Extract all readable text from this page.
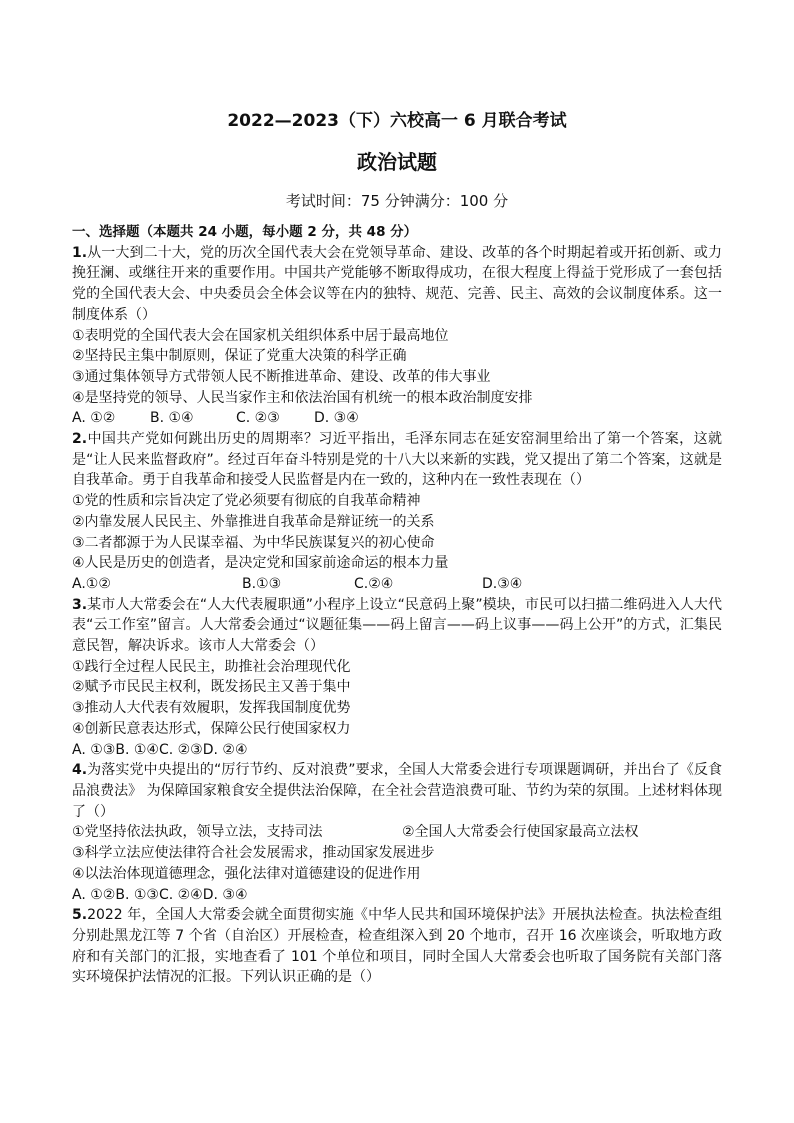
2022—2023（下）六校高一 6 月联合考试
政治试题
考试时间：75 分钟满分：100 分

一、选择题（本题共 24 小题，每小题 2 分，共 48 分）

1.从一大到二十大，党的历次全国代表大会在党领导革命、建设、改革的各个时期起着或开拓创新、或力挽狂澜、或继往开来的重要作用。中国共产党能够不断取得成功，在很大程度上得益于党形成了一套包括党的全国代表大会、中央委员会全体会议等在内的独特、规范、完善、民主、高效的会议制度体系。这一制度体系（）

①表明党的全国代表大会在国家机关组织体系中居于最高地位

②坚持民主集中制原则，保证了党重大决策的科学正确

③通过集体领导方式带领人民不断推进革命、建设、改革的伟大事业

④是坚持党的领导、人民当家作主和依法治国有机统一的根本政治制度安排

A. ①② B. ①④	C. ②③ D. ③④

2.中国共产党如何跳出历史的周期率？习近平指出，毛泽东同志在延安窑洞里给出了第一个答案，这就是“让人民来监督政府”。经过百年奋斗特别是党的十八大以来新的实践，党又提出了第二个答案，这就是自我革命。勇于自我革命和接受人民监督是内在一致的，这种内在一致性表现在（）

①党的性质和宗旨决定了党必须要有彻底的自我革命精神

②内靠发展人民民主、外靠推进自我革命是辩证统一的关系

③二者都源于为人民谋幸福、为中华民族谋复兴的初心使命

④人民是历史的创造者，是决定党和国家前途命运的根本力量

A.①②	B.①③	C.②④	D.③④

3.某市人大常委会在“人大代表履职通”小程序上设立“民意码上聚”模块，市民可以扫描二维码进入人大代表“云工作室”留言。人大常委会通过“议题征集——码上留言——码上议事——码上公开”的方式，汇集民意民智，解决诉求。该市人大常委会（）

①践行全过程人民民主，助推社会治理现代化

②赋予市民民主权利，既发扬民主又善于集中

③推动人大代表有效履职，发挥我国制度优势

④创新民意表达形式，保障公民行使国家权力

A. ①③B. ①④C. ②③D. ②④

4.为落实党中央提出的“厉行节约、反对浪费”要求，全国人大常委会进行专项课题调研，并出台了《反食品浪费法》 为保障国家粮食安全提供法治保障，在全社会营造浪费可耻、节约为荣的氛围。上述材料体现了（）

①党坚持依法执政，领导立法，支持司法	②全国人大常委会行使国家最高立法权

③科学立法应使法律符合社会发展需求，推动国家发展进步

④以法治体现道德理念，强化法律对道德建设的促进作用

A. ①②B. ①③C. ②④D. ③④

5.2022 年，全国人大常委会就全面贯彻实施《中华人民共和国环境保护法》开展执法检查。执法检查组分别赴黑龙江等 7 个省（自治区）开展检查，检查组深入到 20 个地市，召开 16 次座谈会，听取地方政府和有关部门的汇报，实地查看了 101 个单位和项目，同时全国人大常委会也听取了国务院有关部门落实环境保护法情况的汇报。下列认识正确的是（）
